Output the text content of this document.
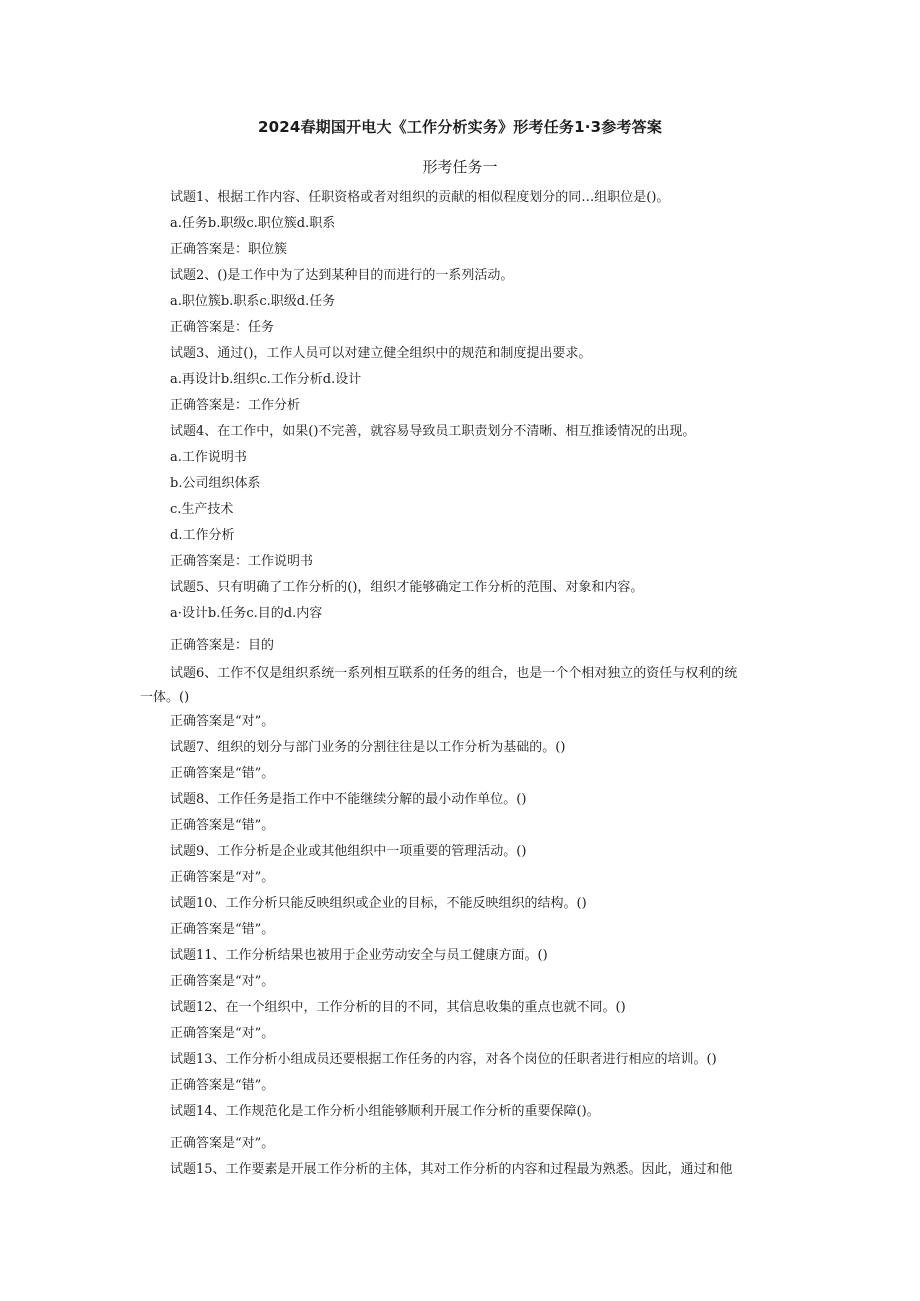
2024春期国开电大《工作分析实务》形考任务1·3参考答案
形考任务一
试题1、根据工作内容、任职资格或者对组织的贡献的相似程度划分的同…组职位是()。
a.任务b.职级c.职位簇d.职系
正确答案是：职位簇
试题2、()是工作中为了达到某种目的而进行的一系列活动。
a.职位簇b.职系c.职级d.任务
正确答案是：任务
试题3、通过()，工作人员可以对建立健全组织中的规范和制度提出要求。
a.再设计b.组织c.工作分析d.设计
正确答案是：工作分析
试题4、在工作中，如果()不完善，就容易导致员工职责划分不清晰、相互推诿情况的出现。
a.工作说明书
b.公司组织体系
c.生产技术
d.工作分析
正确答案是：工作说明书
试题5、只有明确了工作分析的()，组织才能够确定工作分析的范围、对象和内容。
a·设计b.任务c.目的d.内容
正确答案是：目的
试题6、工作不仅是组织系统一系列相互联系的任务的组合，也是一个个相对独立的资任与权利的统
一体。()
正确答案是“对”。
试题7、组织的划分与部门业务的分割往往是以工作分析为基础的。()
正确答案是“错”。
试题8、工作任务是指工作中不能继续分解的最小动作单位。()
正确答案是“错”。
试题9、工作分析是企业或其他组织中一项重要的管理活动。()
正确答案是“对”。
试题10、工作分析只能反映组织或企业的目标，不能反映组织的结构。()
正确答案是“错”。
试题11、工作分析结果也被用于企业劳动安全与员工健康方面。()
正确答案是“对”。
试题12、在一个组织中，工作分析的目的不同，其信息收集的重点也就不同。()
正确答案是“对”。
试题13、工作分析小组成员还要根据工作任务的内容，对各个岗位的任职者进行相应的培训。()
正确答案是“错”。
试题14、工作规范化是工作分析小组能够顺利开展工作分析的重要保障()。
正确答案是“对”。
试题15、工作要素是开展工作分析的主体，其对工作分析的内容和过程最为熟悉。因此，通过和他
